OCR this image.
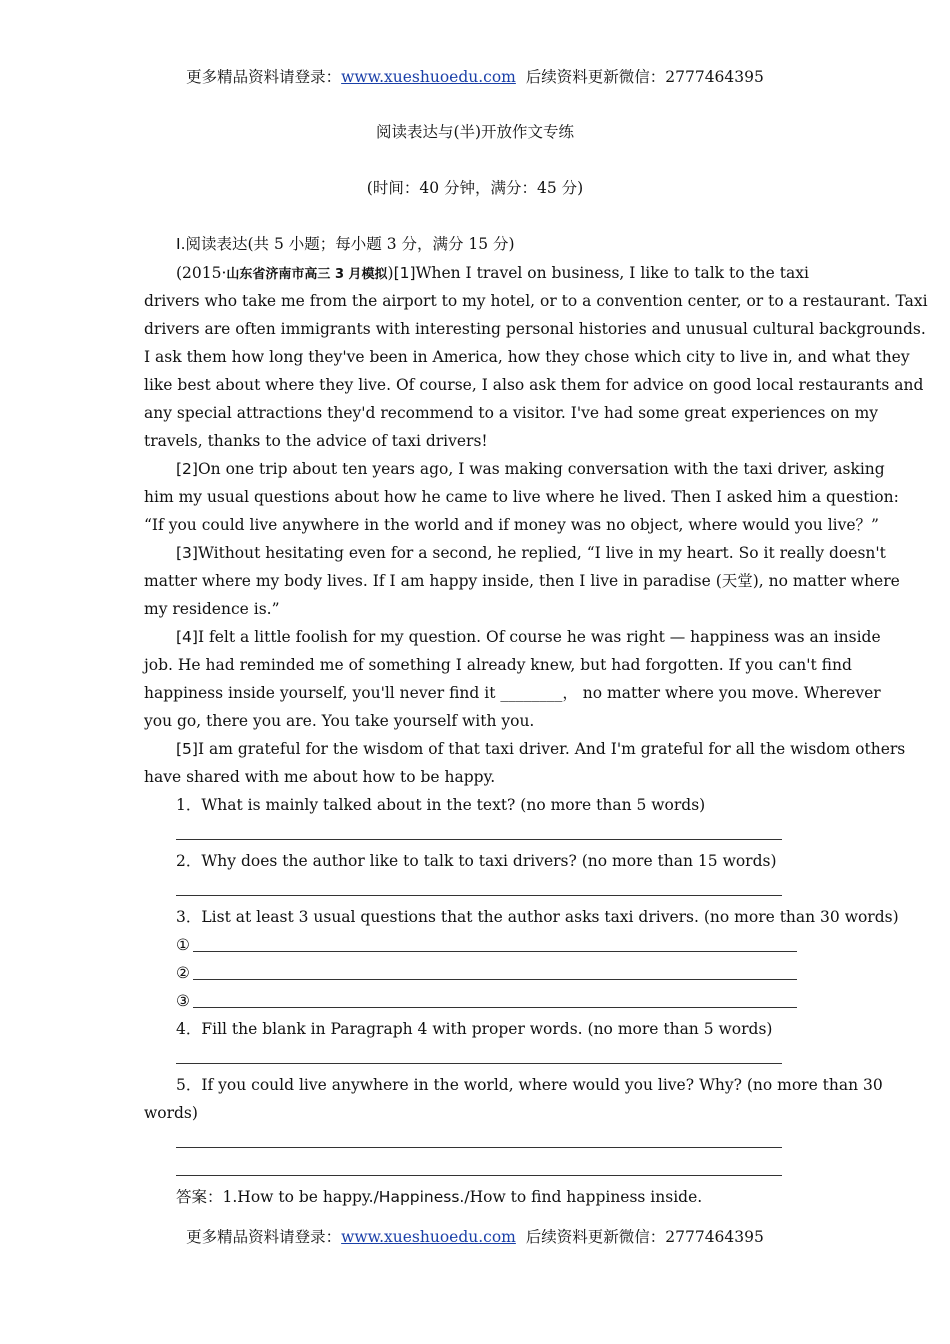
更多精品资料请登录：www.xueshuoedu.com 后续资料更新微信：2777464395
阅读表达与(半)开放作文专练
(时间：40 分钟，满分：45 分)
Ⅰ.阅读表达(共 5 小题；每小题 3 分，满分 15 分)
(2015·山东省济南市高三 3 月模拟)[1]When I travel on business, I like to talk to the taxi
drivers who take me from the airport to my hotel, or to a convention center, or to a restaurant. Taxi
drivers are often immigrants with interesting personal histories and unusual cultural backgrounds.
I ask them how long they've been in America, how they chose which city to live in, and what they
like best about where they live. Of course, I also ask them for advice on good local restaurants and
any special attractions they'd recommend to a visitor. I've had some great experiences on my
travels, thanks to the advice of taxi drivers!
[2]On one trip about ten years ago, I was making conversation with the taxi driver, asking
him my usual questions about how he came to live where he lived. Then I asked him a question:
“If you could live anywhere in the world and if money was no object, where would you live？”
[3]Without hesitating even for a second, he replied, “I live in my heart. So it really doesn't
matter where my body lives. If I am happy inside, then I live in paradise (天堂), no matter where
my residence is.”
[4]I felt a little foolish for my question. Of course he was right — happiness was an inside
job. He had reminded me of something I already knew, but had forgotten. If you can't find
happiness inside yourself, you'll never find it ________， no matter where you move. Wherever
you go, there you are. You take yourself with you.
[5]I am grateful for the wisdom of that taxi driver. And I'm grateful for all the wisdom others
have shared with me about how to be happy.
1．What is mainly talked about in the text? (no more than 5 words)
2．Why does the author like to talk to taxi drivers? (no more than 15 words)
3．List at least 3 usual questions that the author asks taxi drivers. (no more than 30 words)
①
②
③
4．Fill the blank in Paragraph 4 with proper words. (no more than 5 words)
5．If you could live anywhere in the world, where would you live? Why? (no more than 30
words)
答案：1.How to be happy./Happiness./How to find happiness inside.
更多精品资料请登录：www.xueshuoedu.com 后续资料更新微信：2777464395
